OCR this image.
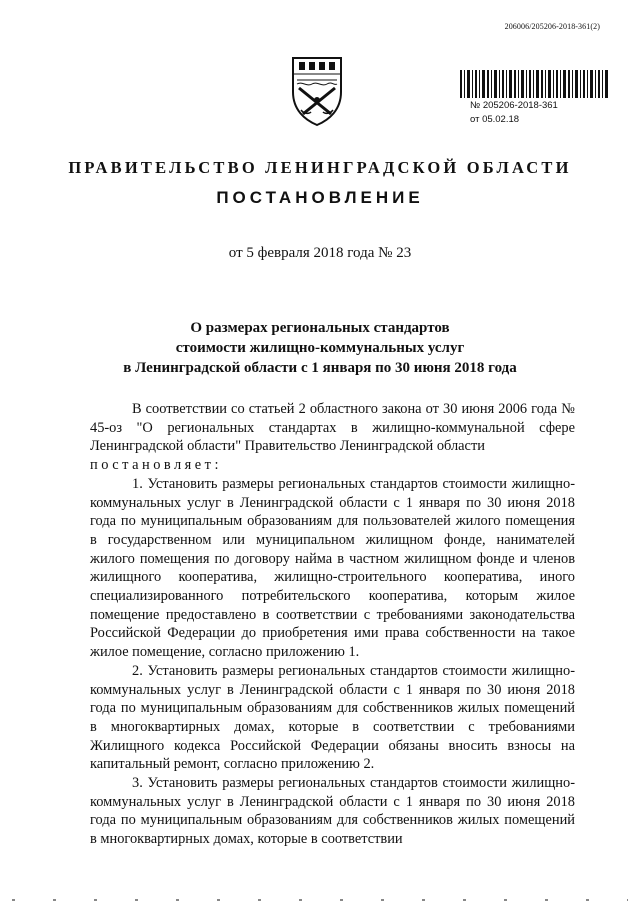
206006/205206-2018-361(2)
№ 205206-2018-361
от 05.02.18
ПРАВИТЕЛЬСТВО ЛЕНИНГРАДСКОЙ ОБЛАСТИ
ПОСТАНОВЛЕНИЕ
от 5 февраля 2018 года № 23
О размерах региональных стандартов
стоимости жилищно-коммунальных услуг
в Ленинградской области с 1 января по 30 июня 2018 года

В соответствии со статьей 2 областного закона от 30 июня 2006 года № 45-оз "О региональных стандартах в жилищно-коммунальной сфере Ленинградской области" Правительство Ленинградской области
постановляет:

1. Установить размеры региональных стандартов стоимости жилищно-коммунальных услуг в Ленинградской области с 1 января по 30 июня 2018 года по муниципальным образованиям для пользователей жилого помещения в государственном или муниципальном жилищном фонде, нанимателей жилого помещения по договору найма в частном жилищном фонде и членов жилищного кооператива, жилищно-строительного кооператива, иного специализированного потребительского кооператива, которым жилое помещение предоставлено в соответствии с требованиями законодательства Российской Федерации до приобретения ими права собственности на такое жилое помещение, согласно приложению 1.

2. Установить размеры региональных стандартов стоимости жилищно-коммунальных услуг в Ленинградской области с 1 января по 30 июня 2018 года по муниципальным образованиям для собственников жилых помещений в многоквартирных домах, которые в соответствии с требованиями Жилищного кодекса Российской Федерации обязаны вносить взносы на капитальный ремонт, согласно приложению 2.

3. Установить размеры региональных стандартов стоимости жилищно-коммунальных услуг в Ленинградской области с 1 января по 30 июня 2018 года по муниципальным образованиям для собственников жилых помещений в многоквартирных домах, которые в соответствии
